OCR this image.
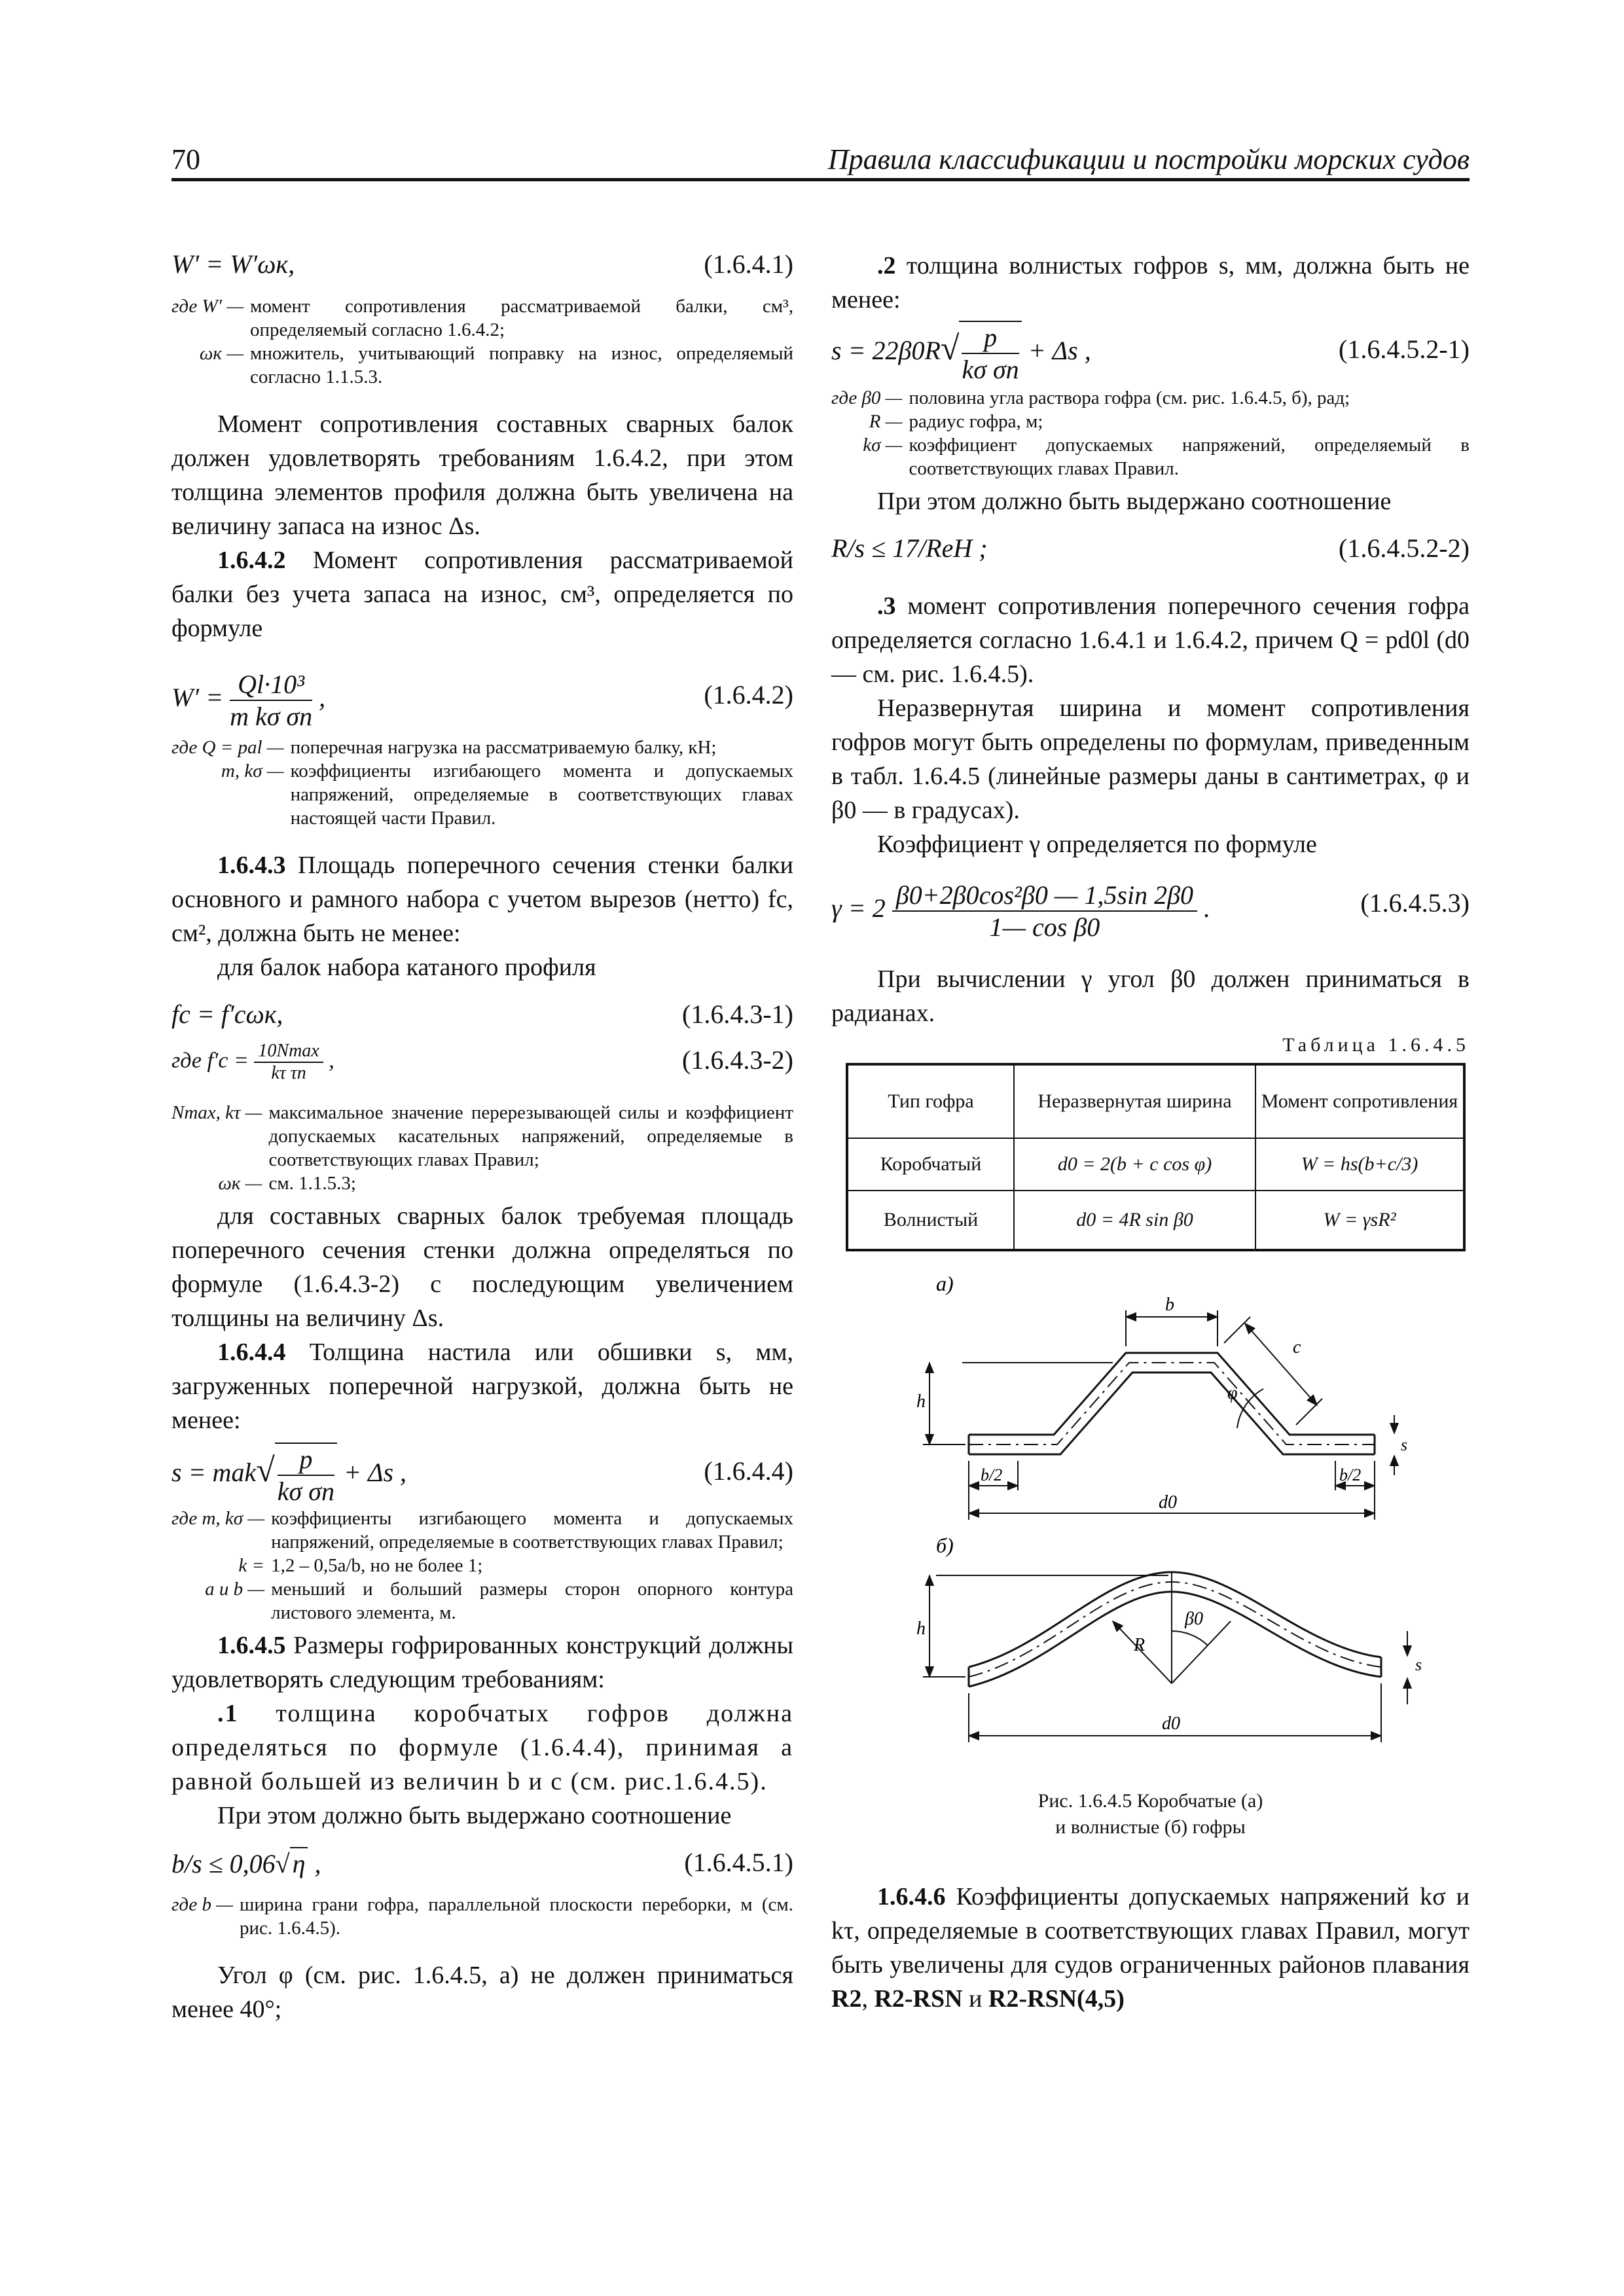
70	Правила классификации и постройки морских судов
W′ = W′ωк,	(1.6.4.1)
где W′ — момент сопротивления рассматриваемой балки, см³, определяемый согласно 1.6.4.2;
ωк — множитель, учитывающий поправку на износ, определяемый согласно 1.1.5.3.

Момент сопротивления составных сварных балок должен удовлетворять требованиям 1.6.4.2, при этом толщина элементов профиля должна быть увеличена на величину запаса на износ Δs.

1.6.4.2 Момент сопротивления рассматриваемой балки без учета запаса на износ, см³, определяется по формуле

$W' = \frac{\text{Ql·10³}}{\text{m kσ σn}}$ ,	(1.6.4.2)
где Q = pal — поперечная нагрузка на рассматриваемую балку, кН;
m, kσ — коэффициенты изгибающего момента и допускаемых напряжений, определяемые в соответствующих главах настоящей части Правил.

1.6.4.3 Площадь поперечного сечения стенки балки основного и рамного набора с учетом вырезов (нетто) fc, см², должна быть не менее:

для балок набора катаного профиля

fc = f′cωк,	(1.6.4.3-1)
где $f'c = \frac{10Nmax}{\text{kτ τn}}$ ,	(1.6.4.3-2)
Nmax, kτ — максимальное значение перерезывающей силы и коэффициент допускаемых касательных напряжений, определяемые в соответствующих главах Правил;
ωк — см. 1.1.5.3;

для составных сварных балок требуемая площадь поперечного сечения стенки должна определяться по формуле (1.6.4.3-2) с последующим увеличением толщины на величину Δs.

1.6.4.4 Толщина настила или обшивки s, мм, загруженных поперечной нагрузкой, должна быть не менее:

$s = mak√ \frac{p}{\text{kσ σn}} + \Delta s$ ,	(1.6.4.4)
где m, kσ — коэффициенты изгибающего момента и допускаемых напряжений, определяемые в соответствующих главах Правил;
k = 1,2 – 0,5a/b, но не более 1;
a и b — меньший и больший размеры сторон опорного контура листового элемента, м.

1.6.4.5 Размеры гофрированных конструкций должны удовлетворять следующим требованиям:

.1 толщина коробчатых гофров должна определяться по формуле (1.6.4.4), принимая a равной большей из величин b и c (см. рис.1.6.4.5).

При этом должно быть выдержано соотношение

b/s ≤ 0,06√ η ,	(1.6.4.5.1)
где b — ширина грани гофра, параллельной плоскости переборки, м (см. рис. 1.6.4.5).

Угол φ (см. рис. 1.6.4.5, а) не должен приниматься менее 40°;

.2 толщина волнистых гофров s, мм, должна быть не менее:

$s = 22\beta 0R√ \frac{p}{\text{kσ σn}} + \Delta s$ ,	(1.6.4.5.2-1)
где β0 — половина угла раствора гофра (см. рис. 1.6.4.5, б), рад;
R — радиус гофра, м;
kσ — коэффициент допускаемых напряжений, определяемый в соответствующих главах Правил.

При этом должно быть выдержано соотношение

R/s ≤ 17/ReH ;	(1.6.4.5.2-2)

.3 момент сопротивления поперечного сечения гофра определяется согласно 1.6.4.1 и 1.6.4.2, причем Q = pd0l (d0 — см. рис. 1.6.4.5).

Неразвернутая ширина и момент сопротивления гофров могут быть определены по формулам, приведенным в табл. 1.6.4.5 (линейные размеры даны в сантиметрах, φ и β0 — в градусах).

Коэффициент γ определяется по формуле

$\gamma = 2 \frac{\text{β0+2β0cos²β0 — 1,5sin 2β0}}{\text{1— cos β0}}$ .	(1.6.4.5.3)

При вычислении γ угол β0 должен приниматься в радианах.

Таблица 1.6.4.5
Тип гофра	Неразвернутая ширина	Момент сопротивления
Коробчатый	d0 = 2(b + c cos φ)	W = hs(b+c/3)
Волнистый	d0 = 4R sin β0	W = γsR²
а)
b
c
h	φ
b/2	b/2
s
d0
б)
h
R
β0
s
d0
Рис. 1.6.4.5 Коробчатые (а)
и волнистые (б) гофры

1.6.4.6 Коэффициенты допускаемых напряжений kσ и kτ, определяемые в соответствующих главах Правил, могут быть увеличены для судов ограниченных районов плавания R2, R2-RSN и R2-RSN(4,5)
